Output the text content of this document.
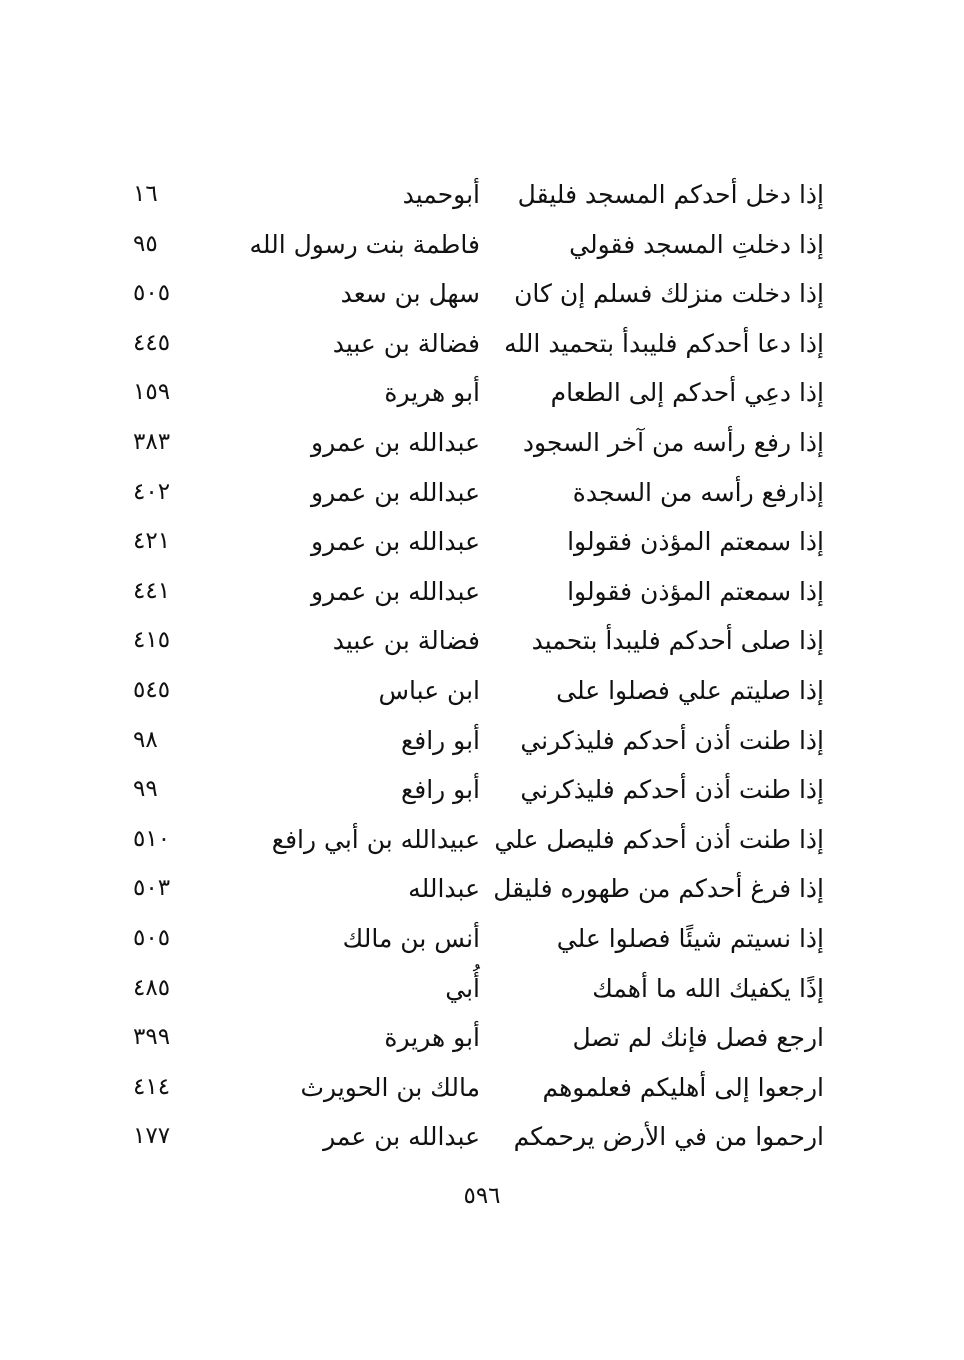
إذا دخل أحدكم المسجد فليقل
أبوحميد
١٦
إذا دخلتِ المسجد فقولي
فاطمة بنت رسول الله
٩٥
إذا دخلت منزلك فسلم إن كان
سهل بن سعد
٥٠٥
إذا دعا أحدكم فليبدأ بتحميد الله
فضالة بن عبيد
٤٤٥
إذا دعِي أحدكم إلى الطعام
أبو هريرة
١٥٩
إذا رفع رأسه من آخر السجود
عبدالله بن عمرو
٣٨٣
إذارفع رأسه من السجدة
عبدالله بن عمرو
٤٠٢
إذا سمعتم المؤذن فقولوا
عبدالله بن عمرو
٤٢١
إذا سمعتم المؤذن فقولوا
عبدالله بن عمرو
٤٤١
إذا صلى أحدكم فليبدأ بتحميد
فضالة بن عبيد
٤١٥
إذا صليتم علي فصلوا على
ابن عباس
٥٤٥
إذا طنت أذن أحدكم فليذكرني
أبو رافع
٩٨
إذا طنت أذن أحدكم فليذكرني
أبو رافع
٩٩
إذا طنت أذن أحدكم فليصل علي
عبيدالله بن أبي رافع
٥١٠
إذا فرغ أحدكم من طهوره فليقل
عبدالله
٥٠٣
إذا نسيتم شيئًا فصلوا علي
أنس بن مالك
٥٠٥
إذًا يكفيك الله ما أهمك
أُبي
٤٨٥
ارجع فصل فإنك لم تصل
أبو هريرة
٣٩٩
ارجعوا إلى أهليكم فعلموهم
مالك بن الحويرث
٤١٤
ارحموا من في الأرض يرحمكم
عبدالله بن عمر
١٧٧
٥٩٦
